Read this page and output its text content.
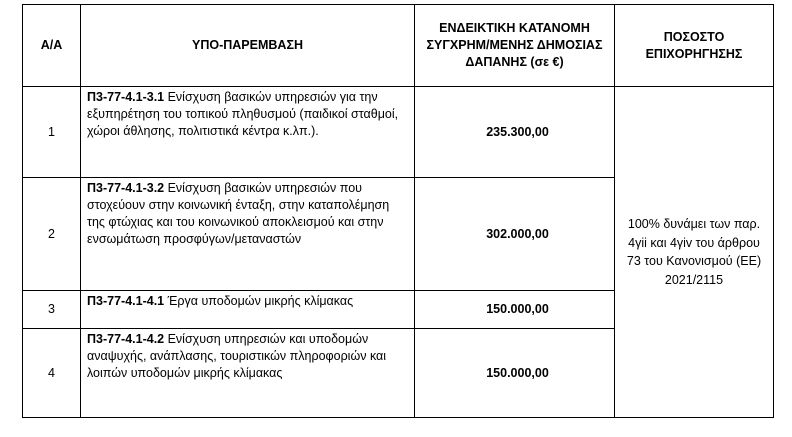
Α/Α	ΥΠΟ-ΠΑΡΕΜΒΑΣΗ	ΕΝΔΕΙΚΤΙΚΗ ΚΑΤΑΝΟΜΗ ΣΥΓΧΡΗΜ/ΜΕΝΗΣ ΔΗΜΟΣΙΑΣ ΔΑΠΑΝΗΣ (σε €)	ΠΟΣΟΣΤΟ ΕΠΙΧΟΡΗΓΗΣΗΣ
1	Π3-77-4.1-3.1 Ενίσχυση βασικών υπηρεσιών για την εξυπηρέτηση του τοπικού πληθυσμού (παιδικοί σταθμοί, χώροι άθλησης, πολιτιστικά κέντρα κ.λπ.).	235.300,00	100% δυνάμει των παρ. 4γii και 4γiv του άρθρου 73 του Κανονισμού (ΕΕ) 2021/2115
2	Π3-77-4.1-3.2 Ενίσχυση βασικών υπηρεσιών που στοχεύουν στην κοινωνική ένταξη, στην καταπολέμηση της φτώχιας και του κοινωνικού αποκλεισμού και στην ενσωμάτωση προσφύγων/μεταναστών	302.000,00	
3	Π3-77-4.1-4.1 Έργα υποδομών μικρής κλίμακας	150.000,00	
4	Π3-77-4.1-4.2 Ενίσχυση υπηρεσιών και υποδομών αναψυχής, ανάπλασης, τουριστικών πληροφοριών και λοιπών υποδομών μικρής κλίμακας	150.000,00	
